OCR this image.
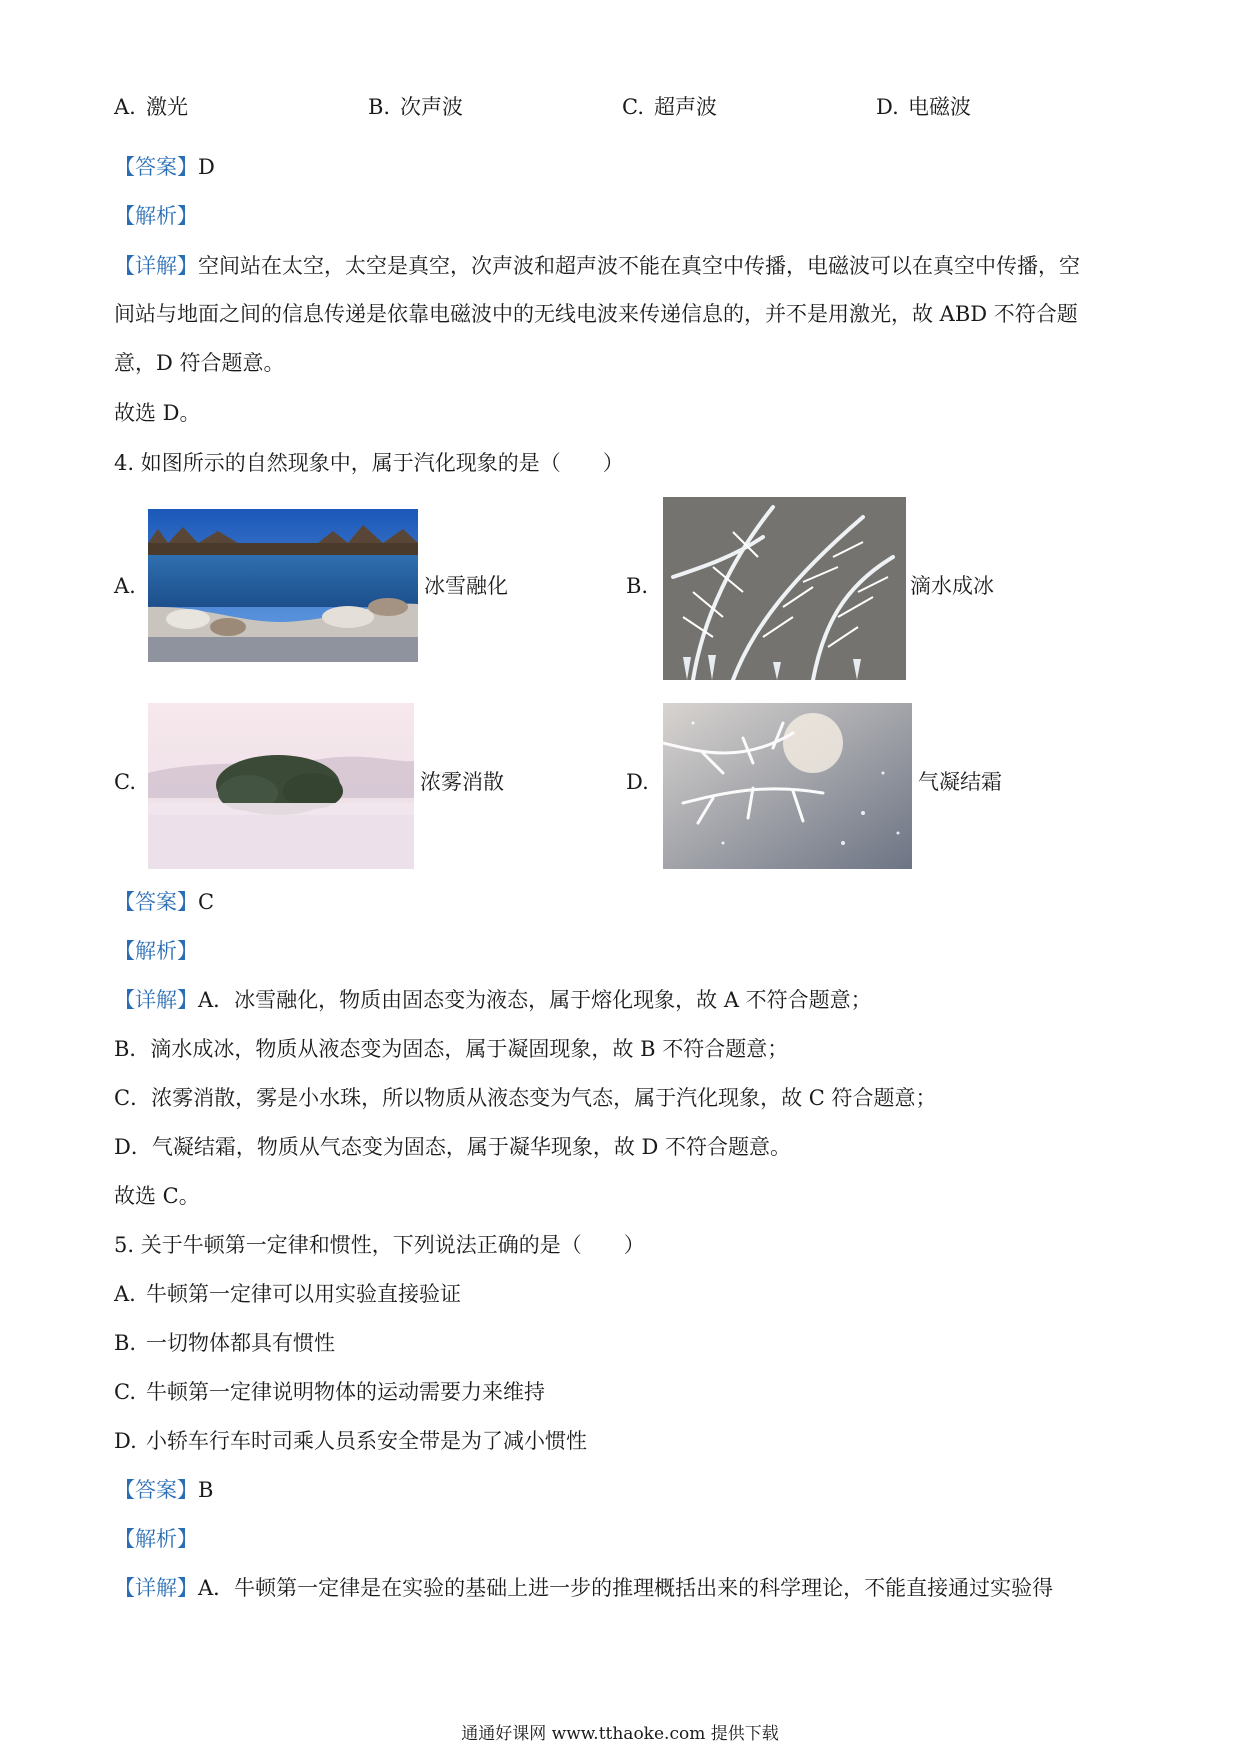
A. 激光	B. 次声波	C. 超声波	D. 电磁波
【答案】D
【解析】
【详解】空间站在太空，太空是真空，次声波和超声波不能在真空中传播，电磁波可以在真空中传播，空
间站与地面之间的信息传递是依靠电磁波中的无线电波来传递信息的，并不是用激光，故 ABD 不符合题
意，D 符合题意。
故选 D。
4. 如图所示的自然现象中，属于汽化现象的是（　　）
A.	冰雪融化	B.	滴水成冰
C.	浓雾消散	D.	气凝结霜
【答案】C
【解析】
【详解】A．冰雪融化，物质由固态变为液态，属于熔化现象，故 A 不符合题意；
B．滴水成冰，物质从液态变为固态，属于凝固现象，故 B 不符合题意；
C．浓雾消散，雾是小水珠，所以物质从液态变为气态，属于汽化现象，故 C 符合题意；
D．气凝结霜，物质从气态变为固态，属于凝华现象，故 D 不符合题意。
故选 C。
5. 关于牛顿第一定律和惯性，下列说法正确的是（　　）
A. 牛顿第一定律可以用实验直接验证
B. 一切物体都具有惯性
C. 牛顿第一定律说明物体的运动需要力来维持
D. 小轿车行车时司乘人员系安全带是为了减小惯性
【答案】B
【解析】
【详解】A．牛顿第一定律是在实验的基础上进一步的推理概括出来的科学理论，不能直接通过实验得
通通好课网 www.tthaoke.com 提供下载
